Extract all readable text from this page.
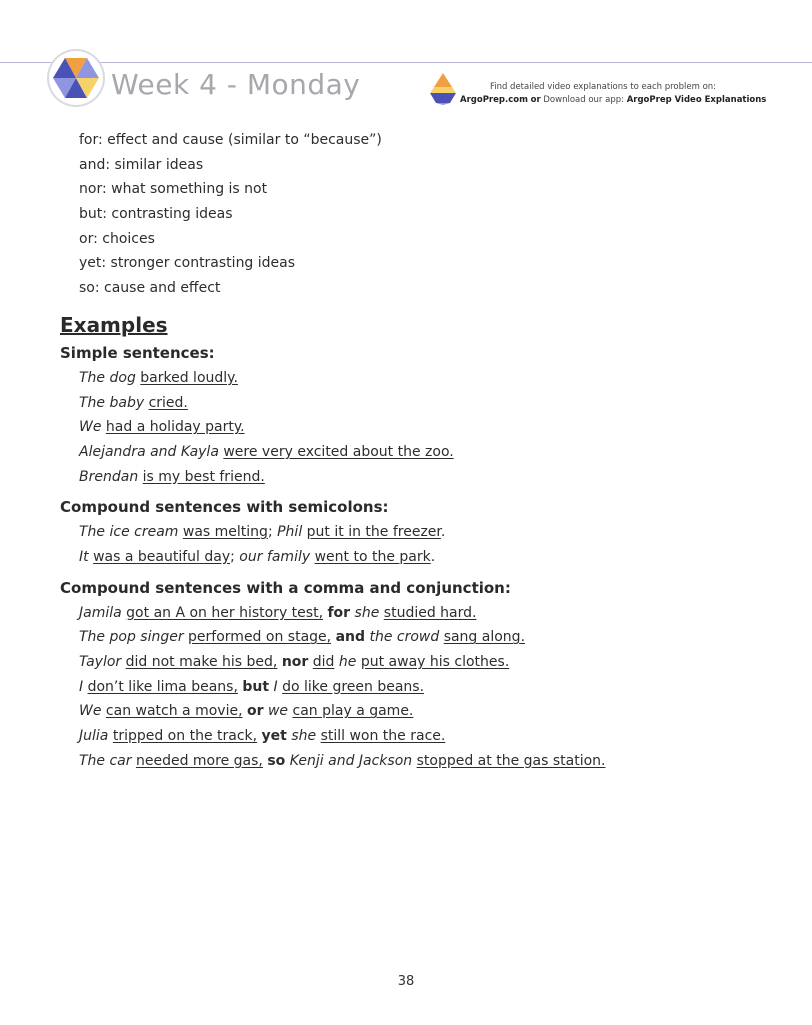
Week 4 - Monday	Find detailed video explanations to each problem on:
ArgoPrep.com or Download our app: ArgoPrep Video Explanations
for: effect and cause (similar to “because”)
and: similar ideas
nor: what something is not
but: contrasting ideas
or: choices
yet: stronger contrasting ideas
so: cause and effect
Examples
Simple sentences:
The dog barked loudly.
The baby cried.
We had a holiday party.
Alejandra and Kayla were very excited about the zoo.
Brendan is my best friend.
Compound sentences with semicolons:
The ice cream was melting; Phil put it in the freezer.
It was a beautiful day; our family went to the park.
Compound sentences with a comma and conjunction:
Jamila got an A on her history test, for she studied hard.
The pop singer performed on stage, and the crowd sang along.
Taylor did not make his bed, nor did he put away his clothes.
I don’t like lima beans, but I do like green beans.
We can watch a movie, or we can play a game.
Julia tripped on the track, yet she still won the race.
The car needed more gas, so Kenji and Jackson stopped at the gas station.
38
